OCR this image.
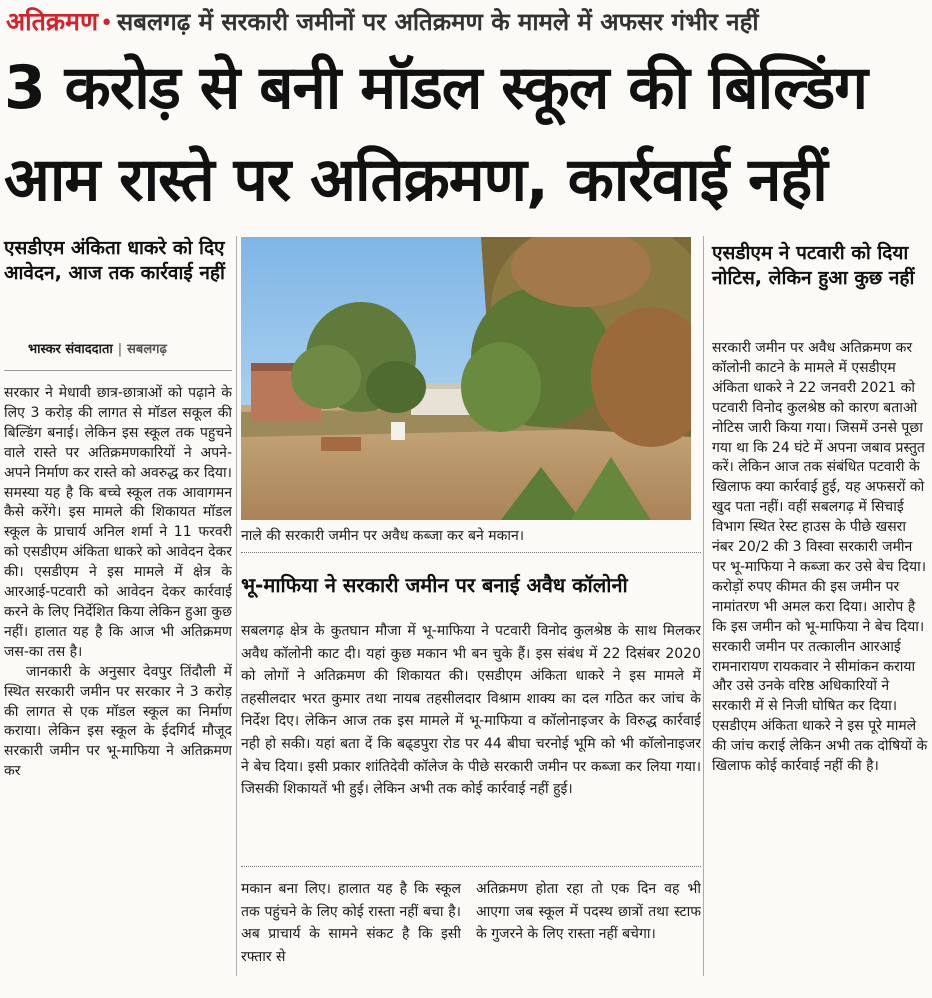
अतिक्रमण• सबलगढ़ में सरकारी जमीनों पर अतिक्रमण के मामले में अफसर गंभीर नहीं
3 करोड़ से बनी मॉडल स्कूल की बिल्डिंग
आम रास्ते पर अतिक्रमण, कार्रवाई नहीं
एसडीएम अंकिता धाकरे को दिए आवेदन, आज तक कार्रवाई नहीं
भास्कर संवाददाता | सबलगढ़

सरकार ने मेधावी छात्र-छात्राओं को पढ़ाने के लिए 3 करोड़ की लागत से मॉडल सकूल की बिल्डिंग बनाई। लेकिन इस स्कूल तक पहुचने वाले रास्ते पर अतिक्रमणकारियों ने अपने-अपने निर्माण कर रास्ते को अवरुद्ध कर दिया। समस्या यह है कि बच्चे स्कूल तक आवागमन कैसे करेंगे। इस मामले की शिकायत मॉडल स्कूल के प्राचार्य अनिल शर्मा ने 11 फरवरी को एसडीएम अंकिता धाकरे को आवेदन देकर की। एसडीएम ने इस मामले में क्षेत्र के आरआई-पटवारी को आवेदन देकर कार्रवाई करने के लिए निर्देशित किया लेकिन हुआ कुछ नहीं। हालात यह है कि आज भी अतिक्रमण जस-का तस है।

जानकारी के अनुसार देवपुर तिंदौली में स्थित सरकारी जमीन पर सरकार ने 3 करोड़ की लागत से एक मॉडल स्कूल का निर्माण कराया। लेकिन इस स्कूल के ईदगिर्द मौजूद सरकारी जमीन पर भू-माफिया ने अतिक्रमण कर

नाले की सरकारी जमीन पर अवैध कब्जा कर बने मकान।
भू-माफिया ने सरकारी जमीन पर बनाई अवैध कॉलोनी
सबलगढ़ क्षेत्र के कुतघान मौजा में भू-माफिया ने पटवारी विनोद कुलश्रेष्ठ के साथ मिलकर अवैध कॉलोनी काट दी। यहां कुछ मकान भी बन चुके हैं। इस संबंध में 22 दिसंबर 2020 को लोगों ने अतिक्रमण की शिकायत की। एसडीएम अंकिता धाकरे ने इस मामले में तहसीलदार भरत कुमार तथा नायब तहसीलदार विश्राम शाक्य का दल गठित कर जांच के निर्देश दिए। लेकिन आज तक इस मामले में भू-माफिया व कॉलोनाइजर के विरुद्ध कार्रवाई नही हो सकी। यहां बता दें कि बढ्डपुरा रोड पर 44 बीघा चरनोई भूमि को भी कॉलोनाइजर ने बेच दिया। इसी प्रकार शांतिदेवी कॉलेज के पीछे सरकारी जमीन पर कब्जा कर लिया गया। जिसकी शिकायतें भी हुई। लेकिन अभी तक कोई कार्रवाई नहीं हुई।
मकान बना लिए। हालात यह है कि स्कूल तक पहुंचने के लिए कोई रास्ता नहीं बचा है। अब प्राचार्य के सामने संकट है कि इसी रफ्तार से
अतिक्रमण होता रहा तो एक दिन वह भी आएगा जब स्कूल में पदस्थ छात्रों तथा स्टाफ के गुजरने के लिए रास्ता नहीं बचेगा।
एसडीएम ने पटवारी को दिया नोटिस, लेकिन हुआ कुछ नहीं
सरकारी जमीन पर अवैध अतिक्रमण कर कॉलोनी काटने के मामले में एसडीएम अंकिता धाकरे ने 22 जनवरी 2021 को पटवारी विनोद कुलश्रेष्ठ को कारण बताओ नोटिस जारी किया गया। जिसमें उनसे पूछा गया था कि 24 घंटे में अपना जबाव प्रस्तुत करें। लेकिन आज तक संबंधित पटवारी के खिलाफ क्या कार्रवाई हुई, यह अफसरों को खुद पता नहीं। वहीं सबलगढ़ में सिचाई विभाग स्थित रेस्ट हाउस के पीछे खसरा नंबर 20/2 की 3 विस्वा सरकारी जमीन पर भू-माफिया ने कब्जा कर उसे बेच दिया। करोड़ों रुपए कीमत की इस जमीन पर नामांतरण भी अमल करा दिया। आरोप है कि इस जमीन को भू-माफिया ने बेच दिया। सरकारी जमीन पर तत्कालीन आरआई रामनारायण रायकवार ने सीमांकन कराया और उसे उनके वरिष्ठ अधिकारियों ने सरकारी में से निजी घोषित कर दिया। एसडीएम अंकिता धाकरे ने इस पूरे मामले की जांच कराई लेकिन अभी तक दोषियों के खिलाफ कोई कार्रवाई नहीं की है।
